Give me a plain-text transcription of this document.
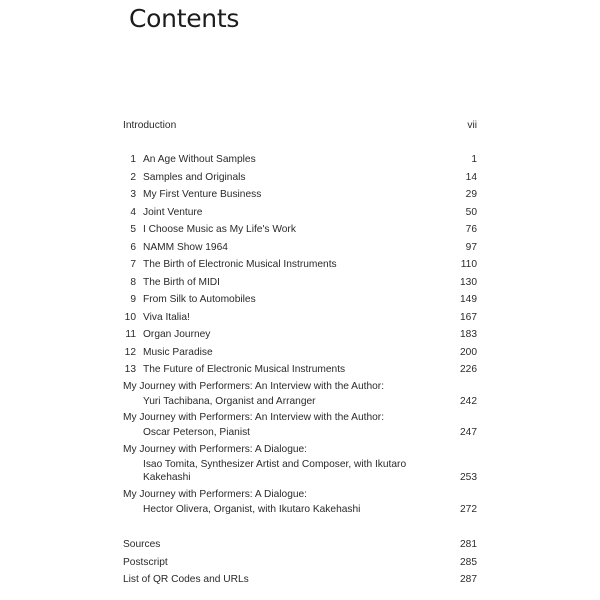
Contents
Introduction	vii
1 An Age Without Samples	1
2 Samples and Originals	14
3 My First Venture Business	29
4 Joint Venture	50
5 I Choose Music as My Life's Work	76
6 NAMM Show 1964	97
7 The Birth of Electronic Musical Instruments	110
8 The Birth of MIDI	130
9 From Silk to Automobiles	149
10 Viva Italia!	167
11 Organ Journey	183
12 Music Paradise	200
13 The Future of Electronic Musical Instruments	226
My Journey with Performers: An Interview with the Author:
Yuri Tachibana, Organist and Arranger	242
My Journey with Performers: An Interview with the Author:
Oscar Peterson, Pianist	247
My Journey with Performers: A Dialogue:
Isao Tomita, Synthesizer Artist and Composer, with Ikutaro
Kakehashi	253
My Journey with Performers: A Dialogue:
Hector Olivera, Organist, with Ikutaro Kakehashi	272
Sources	281
Postscript	285
List of QR Codes and URLs	287
